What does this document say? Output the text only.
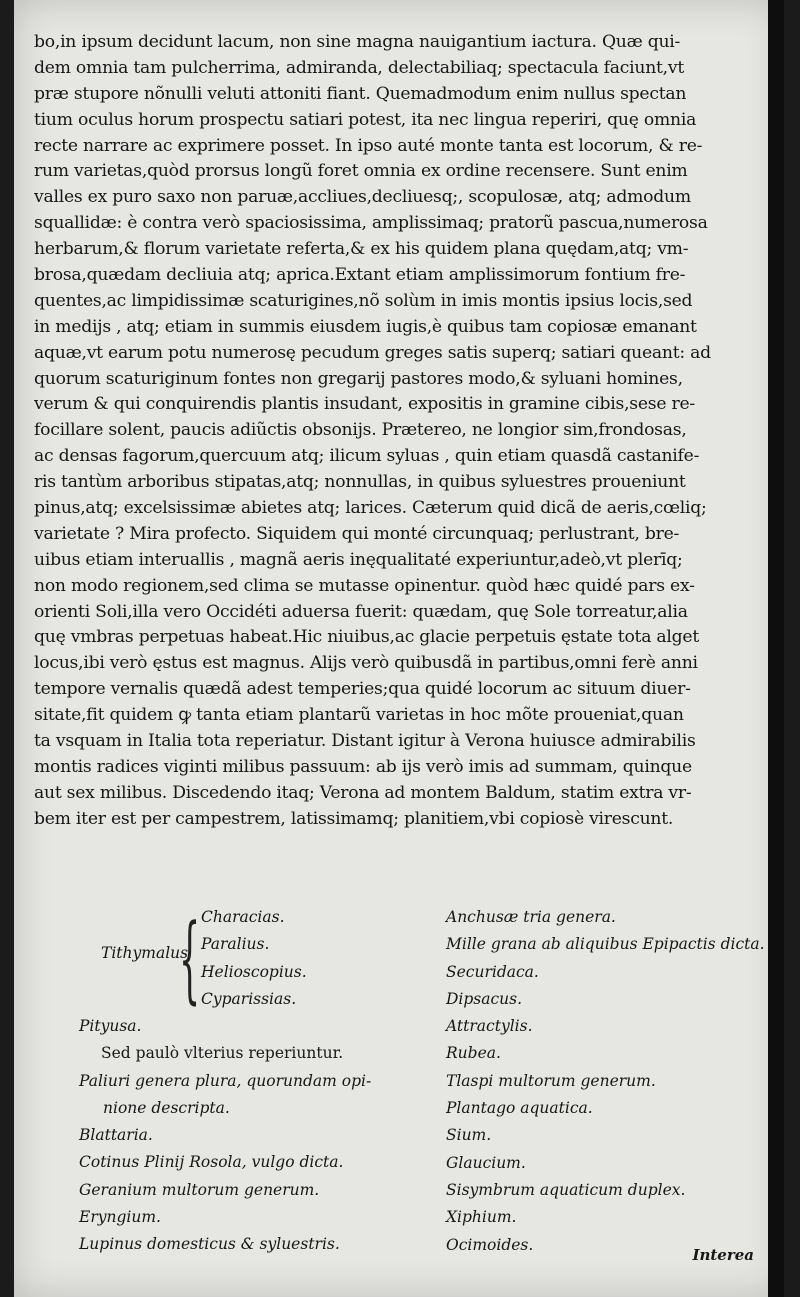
bo,in ipsum decidunt lacum, non sine magna nauigantium iactura. Quæ qui-
dem omnia tam pulcherrima, admiranda, delectabiliaq; spectacula faciunt,vt
præ stupore nõnulli veluti attoniti fiant. Quemadmodum enim nullus spectan
tium oculus horum prospectu satiari potest, ita nec lingua reperiri, quę omnia
recte narrare ac exprimere posset. In ipso auté monte tanta est locorum, & re-
rum varietas,quòd prorsus longũ foret omnia ex ordine recensere. Sunt enim
valles ex puro saxo non paruæ,accliues,decliuesq;, scopulosæ, atq; admodum
squallidæ: è contra verò spaciosissima, amplissimaq; pratorũ pascua,numerosa
herbarum,& florum varietate referta,& ex his quidem plana quędam,atq; vm-
brosa,quædam decliuia atq; aprica.Extant etiam amplissimorum fontium fre-
quentes,ac limpidissimæ scaturigines,nõ solùm in imis montis ipsius locis,sed
in medijs , atq; etiam in summis eiusdem iugis,è quibus tam copiosæ emanant
aquæ,vt earum potu numerosę pecudum greges satis superq; satiari queant: ad
quorum scaturiginum fontes non gregarij pastores modo,& syluani homines,
verum & qui conquirendis plantis insudant, expositis in gramine cibis,sese re-
focillare solent, paucis adiũctis obsonijs. Prætereo, ne longior sim,frondosas,
ac densas fagorum,quercuum atq; ilicum syluas , quin etiam quasdã castanife-
ris tantùm arboribus stipatas,atq; nonnullas, in quibus syluestres proueniunt
pinus,atq; excelsissimæ abietes atq; larices. Cæterum quid dicã de aeris,cœliq;
varietate ? Mira profecto. Siquidem qui monté circunquaq; perlustrant, bre-
uibus etiam interuallis , magnã aeris inęqualitaté experiuntur,adeò,vt plerīq;
non modo regionem,sed clima se mutasse opinentur. quòd hæc quidé pars ex-
orienti Soli,illa vero Occidéti aduersa fuerit: quædam, quę Sole torreatur,alia
quę vmbras perpetuas habeat.Hic niuibus,ac glacie perpetuis ęstate tota alget
locus,ibi verò ęstus est magnus. Alijs verò quibusdã in partibus,omni ferè anni
tempore vernalis quædã adest temperies;qua quidé locorum ac situum diuer-
sitate,fit quidem ꝙ tanta etiam plantarũ varietas in hoc mõte proueniat,quan
ta vsquam in Italia tota reperiatur. Distant igitur à Verona huiusce admirabilis
montis radices viginti milibus passuum: ab ijs verò imis ad summam, quinque
aut sex milibus. Discedendo itaq; Verona ad montem Baldum, statim extra vr-
bem iter est per campestrem, latissimamq; planitiem,vbi copiosè virescunt.
Tithymalus
{ Characias.
Paralius.
Helioscopius.
Cyparissias.
Pityusa.
Sed paulò vlterius reperiuntur.
Paliuri genera plura, quorundam opi-
nione descripta.
Blattaria.
Cotinus Plinij Rosola, vulgo dicta.
Geranium multorum generum.
Eryngium.
Lupinus domesticus & syluestris.
Anchusæ tria genera.
Mille grana ab aliquibus Epipactis dicta.
Securidaca.
Dipsacus.
Attractylis.
Rubea.
Tlaspi multorum generum.
Plantago aquatica.
Sium.
Glaucium.
Sisymbrum aquaticum duplex.
Xiphium.
Ocimoides.
Interea
